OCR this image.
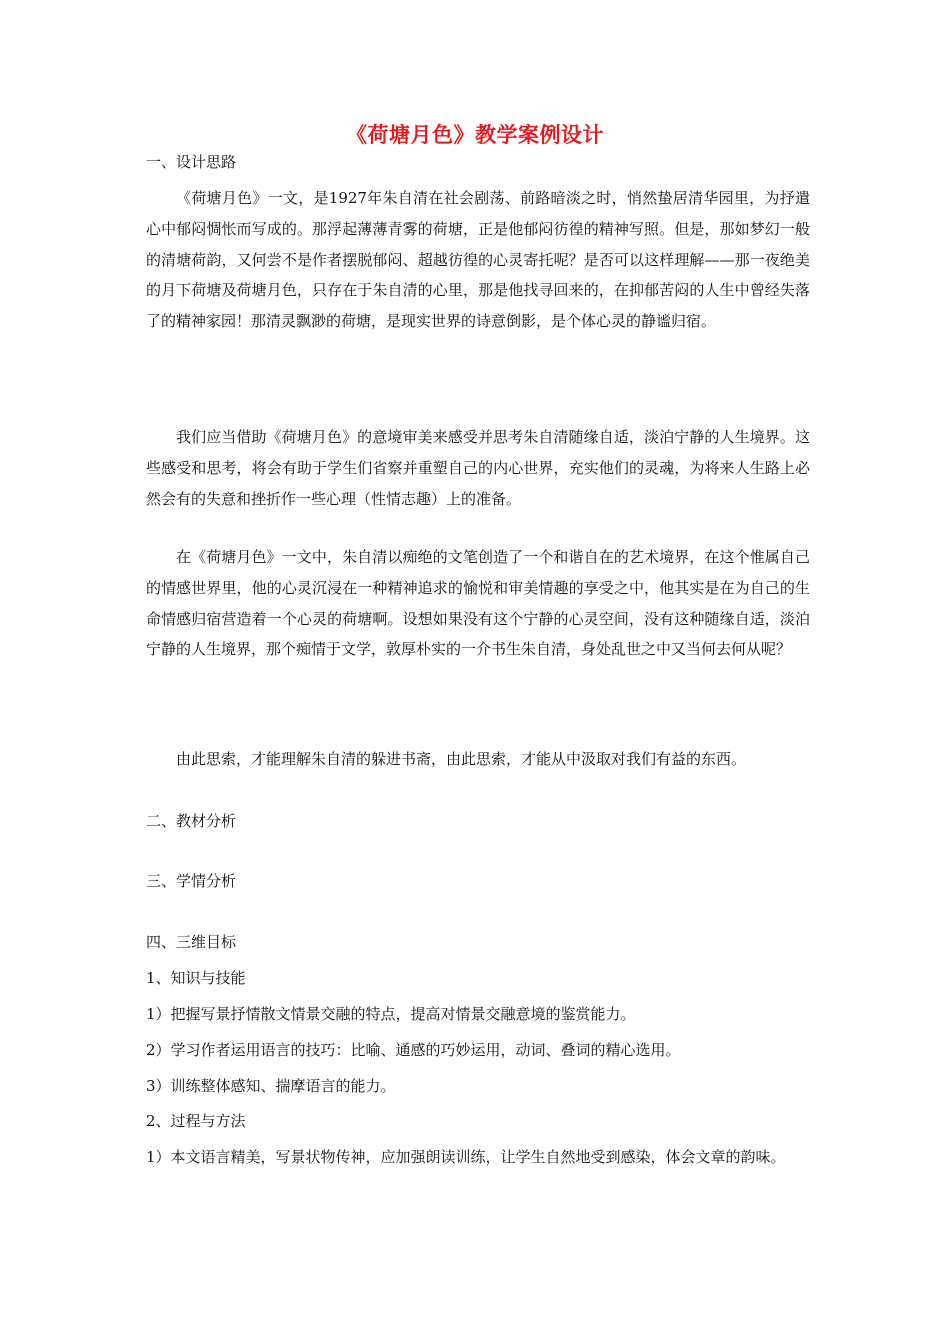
《荷塘月色》教学案例设计
一、设计思路

《荷塘月色》一文，是1927年朱自清在社会剧荡、前路暗淡之时，悄然蛰居清华园里，为抒遣心中郁闷惆怅而写成的。那浮起薄薄青雾的荷塘，正是他郁闷彷徨的精神写照。但是，那如梦幻一般的清塘荷韵，又何尝不是作者摆脱郁闷、超越彷徨的心灵寄托呢？是否可以这样理解——那一夜绝美的月下荷塘及荷塘月色，只存在于朱自清的心里，那是他找寻回来的，在抑郁苦闷的人生中曾经失落了的精神家园！那清灵飘渺的荷塘，是现实世界的诗意倒影，是个体心灵的静谧归宿。

我们应当借助《荷塘月色》的意境审美来感受并思考朱自清随缘自适，淡泊宁静的人生境界。这些感受和思考，将会有助于学生们省察并重塑自己的内心世界，充实他们的灵魂，为将来人生路上必然会有的失意和挫折作一些心理（性情志趣）上的准备。

在《荷塘月色》一文中，朱自清以痴绝的文笔创造了一个和谐自在的艺术境界，在这个惟属自己的情感世界里，他的心灵沉浸在一种精神追求的愉悦和审美情趣的享受之中，他其实是在为自己的生命情感归宿营造着一个心灵的荷塘啊。设想如果没有这个宁静的心灵空间，没有这种随缘自适，淡泊宁静的人生境界，那个痴情于文学，敦厚朴实的一介书生朱自清，身处乱世之中又当何去何从呢？

由此思索，才能理解朱自清的躲进书斋，由此思索，才能从中汲取对我们有益的东西。

二、教材分析
三、学情分析
四、三维目标
1、知识与技能
1）把握写景抒情散文情景交融的特点，提高对情景交融意境的鉴赏能力。
2）学习作者运用语言的技巧：比喻、通感的巧妙运用，动词、叠词的精心选用。
3）训练整体感知、揣摩语言的能力。
2、过程与方法

1）本文语言精美，写景状物传神，应加强朗读训练，让学生自然地受到感染，体会文章的韵味。
